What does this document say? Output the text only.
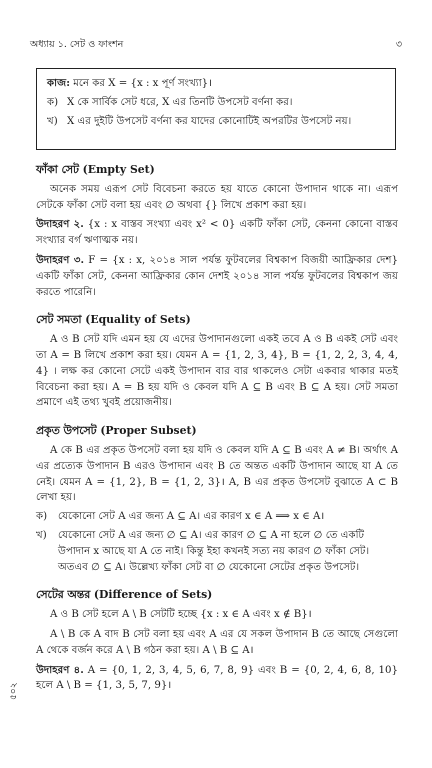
অধ্যায় ১. সেট ও ফাংশন	৩
কাজ: মনে কর X = {x : x পূর্ণ সংখ্যা}।
ক) X কে সার্বিক সেট ধরে, X এর তিনটি উপসেট বর্ণনা কর।
খ) X এর দুইটি উপসেট বর্ণনা কর যাদের কোনোটিই অপরটির উপসেট নয়।
ফাঁকা সেট (Empty Set)

অনেক সময় এরূপ সেট বিবেচনা করতে হয় যাতে কোনো উপাদান থাকে না। এরূপ সেটকে ফাঁকা সেট বলা হয় এবং ∅ অথবা {} লিখে প্রকাশ করা হয়।

উদাহরণ ২. {x : x বাস্তব সংখ্যা এবং x² < 0} একটি ফাঁকা সেট, কেননা কোনো বাস্তব সংখ্যার বর্গ ঋণাত্মক নয়।

উদাহরণ ৩. F = {x : x, ২০১৪ সাল পর্যন্ত ফুটবলের বিশ্বকাপ বিজয়ী আফ্রিকার দেশ} একটি ফাঁকা সেট, কেননা আফ্রিকার কোন দেশই ২০১৪ সাল পর্যন্ত ফুটবলের বিশ্বকাপ জয় করতে পারেনি।

সেট সমতা (Equality of Sets)

A ও B সেট যদি এমন হয় যে এদের উপাদানগুলো একই তবে A ও B একই সেট এবং তা A = B লিখে প্রকাশ করা হয়। যেমন A = {1, 2, 3, 4}, B = {1, 2, 2, 3, 4, 4, 4} । লক্ষ কর কোনো সেটে একই উপাদান বার বার থাকলেও সেটা একবার থাকার মতই বিবেচনা করা হয়। A = B হয় যদি ও কেবল যদি A ⊆ B এবং B ⊆ A হয়। সেট সমতা প্রমাণে এই তথ্য খুবই প্রয়োজনীয়।

প্রকৃত উপসেট (Proper Subset)

A কে B এর প্রকৃত উপসেট বলা হয় যদি ও কেবল যদি A ⊆ B এবং A ≠ B। অর্থাৎ A এর প্রত্যেক উপাদান B এরও উপাদান এবং B তে অন্তত একটি উপাদান আছে যা A তে নেই। যেমন A = {1, 2}, B = {1, 2, 3}। A, B এর প্রকৃত উপসেট বুঝাতে A ⊂ B লেখা হয়।

ক)	যেকোনো সেট A এর জন্য A ⊆ A। এর কারণ x ∈ A ⟹ x ∈ A।
খ)	যেকোনো সেট A এর জন্য ∅ ⊆ A। এর কারণ ∅ ⊆ A না হলে ∅ তে একটি উপাদান x আছে যা A তে নাই। কিন্তু ইহা কখনই সত্য নয় কারণ ∅ ফাঁকা সেট। অতএব ∅ ⊆ A। উল্লেখ্য ফাঁকা সেট বা ∅ যেকোনো সেটের প্রকৃত উপসেট।
সেটের অন্তর (Difference of Sets)

A ও B সেট হলে A \ B সেটটি হচ্ছে {x : x ∈ A এবং x ∉ B}।

A \ B কে A বাদ B সেট বলা হয় এবং A এর যে সকল উপাদান B তে আছে সেগুলো A থেকে বর্জন করে A \ B গঠন করা হয়। A \ B ⊆ A।

উদাহরণ ৪. A = {0, 1, 2, 3, 4, 5, 6, 7, 8, 9} এবং B = {0, 2, 4, 6, 8, 10} হলে A \ B = {1, 3, 5, 7, 9}।

৫০২
